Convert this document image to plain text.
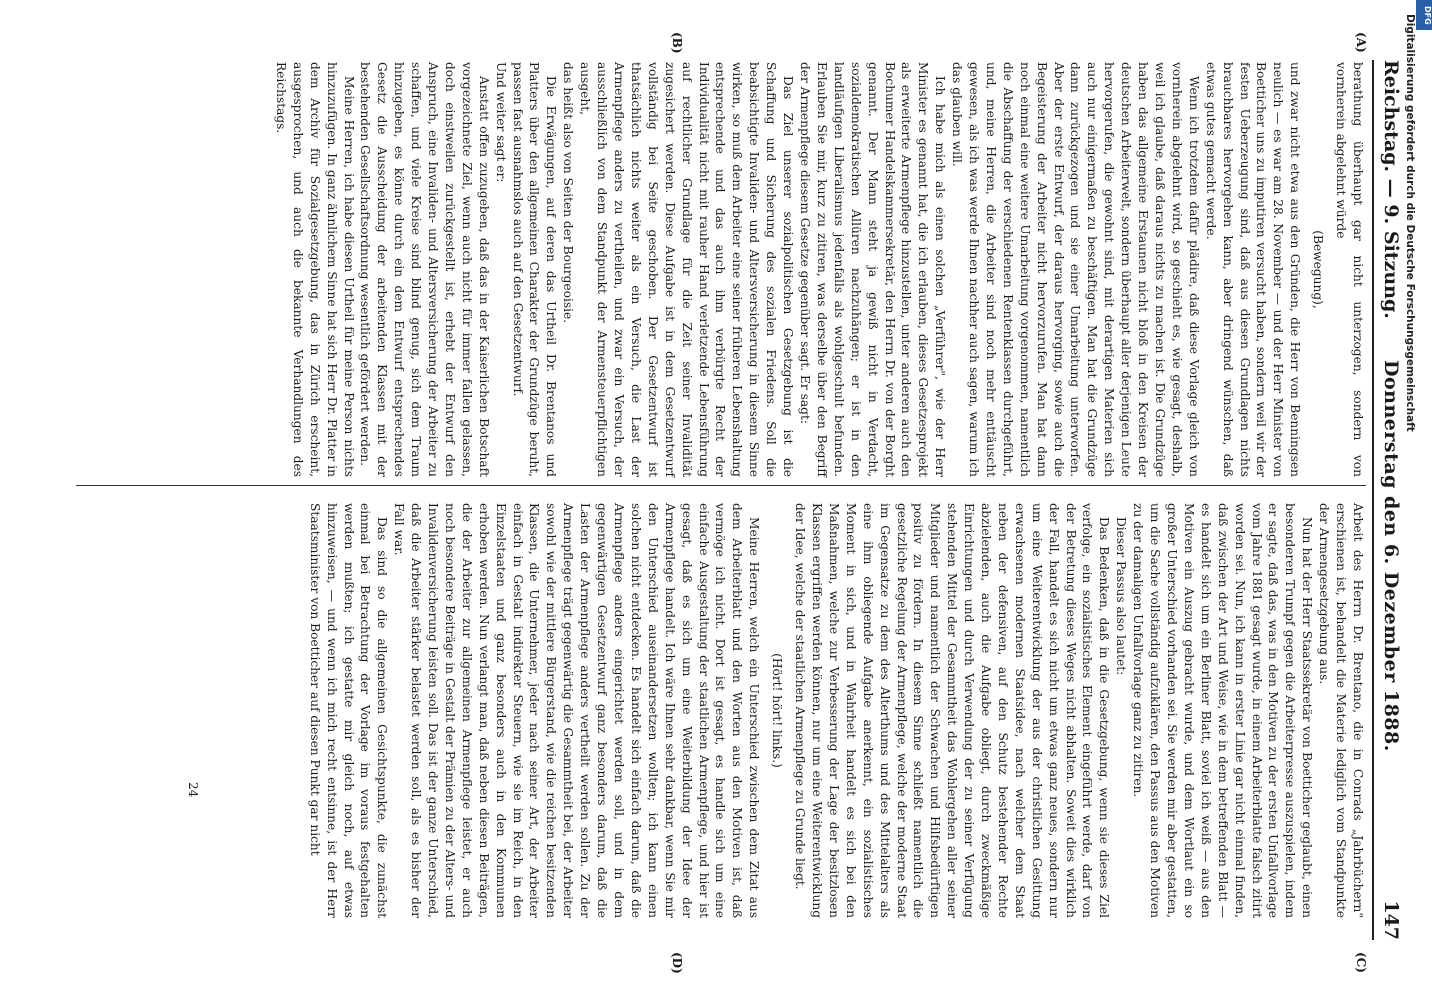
Reichstag. — 9. Sitzung.
Donnerstag den 6. Dezember 1888.
147
(A)
(B)
(C)
(D)

berathung überhaupt gar nicht unterzogen, sondern von vornherein abgelehnt würde

(Bewegung),

und zwar nicht etwa aus den Gründen, die Herr von Benningsen neulich — es war am 28. November — und der Herr Minister von Boetticher uns zu imputiren versucht haben, sondern weil wir der festen Ueberzeugung sind, daß aus diesen Grundlagen nichts brauchbares hervorgehen kann, aber dringend wünschen, daß etwas gutes gemacht werde.

Wenn ich trotzdem dafür plädire, daß diese Vorlage gleich von vornherein abgelehnt wird, so geschieht es, wie gesagt, deshalb, weil ich glaube, daß daraus nichts zu machen ist. Die Grundzüge haben das allgemeine Erstaunen nicht bloß in den Kreisen der deutschen Arbeiterwelt, sondern überhaupt aller derjenigen Leute hervorgerufen, die gewohnt sind, mit derartigen Materien sich auch nur einigermaßen zu beschäftigen. Man hat die Grundzüge dann zurückgezogen und sie einer Umarbeitung unterworfen. Aber der erste Entwurf, der daraus hervorging, sowie auch die Begeisterung der Arbeiter nicht hervorzurufen. Man hat dann noch einmal eine weitere Umarbeitung vorgenommen, namentlich die Abschaffung der verschiedenen Rentenklassen durchgeführt, und, meine Herren, die Arbeiter sind noch mehr enttäuscht gewesen, als ich was werde Ihnen nachher auch sagen, warum ich das glauben will.

Ich habe mich als einen solchen „Verführer", wie der Herr Minister es genannt hat, die ich erlauben, dieses Gesetzesprojekt als erweiterte Armenpflege hinzustellen, unter anderen auch den Bochumer Handelskammersekretär, den Herrn Dr. von der Borght genannt. Der Mann steht ja gewiß nicht in Verdacht, sozialdemokratischen Allüren nachzuhängen; er ist in den landläufigen Liberalismus jedenfalls als wohlgeschult befunden. Erlauben Sie mir, kurz zu zitiren, was derselbe über den Begriff der Armenpflege diesem Gesetze gegenüber sagt. Er sagt:

Das Ziel unserer sozialpolitischen Gesetzgebung ist die Schaffung und Sicherung des sozialen Friedens. Soll die beabsichtigte Invaliden- und Altersversicherung in diesem Sinne wirken, so muß dem Arbeiter eine seiner früheren Lebenshaltung entsprechende und das auch ihm verbürgte Recht der Individualität nicht mit rauher Hand verletzende Lebensführung auf rechtlicher Grundlage für die Zeit seiner Invalidität zugesichert werden. Diese Aufgabe ist in dem Gesetzentwurf vollständig bei Seite geschoben. Der Gesetzentwurf ist thatsächlich nichts weiter als ein Versuch, die Last der Armenpflege anders zu vertheilen, und zwar ein Versuch, der ausschließlich von dem Standpunkt der Armensteuerpflichtigen ausgeht,

das heißt also von Seiten der Bourgeoisie.

Die Erwägungen, auf deren das Urtheil Dr. Brentanos und Platters über den allgemeinen Charakter der Grundzüge beruht, passen fast ausnahmslos auch auf den Gesetzentwurf.

Und weiter sagt er:

Anstatt offen zuzugeben, daß das in der Kaiserlichen Botschaft vorgezeichnete Ziel, wenn auch nicht für immer fallen gelassen, doch einstweilen zurückgestellt ist, erhebt der Entwurf den Anspruch, eine Invaliden- und Altersversicherung der Arbeiter zu schaffen, und viele Kreise sind blind genug, sich dem Traum hinzugeben, es könne durch ein dem Entwurf entsprechendes Gesetz die Ausscheidung der arbeitenden Klassen mit der bestehenden Gesellschaftsordnung wesentlich gefördert werden.

Meine Herren, ich habe diesen Urtheil für meine Person nichts hinzuzufügen. In ganz ähnlichem Sinne hat sich Herr Dr. Platter in dem Archiv für Sozialgesetzgebung, das in Zürich erscheint, ausgesprochen, und auch die bekannte Verhandlungen des Reichstags.

Arbeit des Herrn Dr. Brentano, die in Conrads „Jahrbüchern" erschienen ist, behandelt die Materie lediglich vom Standpunkte der Armengesetzgebung aus.

Nun hat der Herr Staatssekretär von Boetticher geglaubt, einen besonderen Trumpf gegen die Arbeiterpresse auszuspielen, indem er sagte, daß das, was in den Motiven zu der ersten Unfallvorlage vom Jahre 1881 gesagt wurde, in einem Arbeiterblatte falsch zitirt worden sei. Nun, ich kann in erster Linie gar nicht einmal finden, daß zwischen der Art und Weise, wie in dem betreffenden Blatt — es handelt sich um ein Berliner Blatt, soviel ich weiß — aus den Motiven ein Auszug gebracht wurde, und dem Wortlaut ein so großer Unterschied vorhanden sei. Sie werden mir aber gestatten, um die Sache vollständig aufzuklären, den Passus aus den Motiven zu der damaligen Unfallvorlage ganz zu zitiren.

Dieser Passus also lautet:

Das Bedenken, daß in die Gesetzgebung, wenn sie dieses Ziel verfolge, ein sozialistisches Element eingeführt werde, darf von der Betretung dieses Weges nicht abhalten. Soweit dies wirklich der Fall, handelt es sich nicht um etwas ganz neues, sondern nur um eine Weiterentwicklung der aus der christlichen Gesittung erwachsenen modernen Staatsidee, nach welcher dem Staat neben der defensiven, auf den Schutz bestehender Rechte abzielenden, auch die Aufgabe obliegt, durch zweckmäßige Einrichtungen und durch Verwendung der zu seiner Verfügung stehenden Mittel der Gesammtheit das Wohlergehen aller seiner Mitglieder und namentlich der Schwachen und Hilfsbedürftigen positiv zu fördern. In diesem Sinne schließt namentlich die gesetzliche Regelung der Armenpflege, welche der moderne Staat im Gegensatze zu dem des Alterthums und des Mittelalters als eine ihm obliegende Aufgabe anerkennt, ein sozialistisches Moment in sich, und in Wahrheit handelt es sich bei den Maßnahmen, welche zur Verbesserung der Lage der besitzlosen Klassen ergriffen werden können, nur um eine Weiterentwicklung der Idee, welche der staatlichen Armenpflege zu Grunde liegt.

(Hört! hört! links.)

Meine Herren, welch ein Unterschied zwischen dem Zitat aus dem Arbeiterblatt und den Worten aus den Motiven ist, daß vermöge ich nicht. Dort ist gesagt, es handle sich um eine einfache Ausgestaltung der staatlichen Armenpflege, und hier ist gesagt, daß es sich um eine Weiterbildung der Idee der Armenpflege handelt. Ich wäre Ihnen sehr dankbar, wenn Sie mir den Unterschied auseinandersetzen wollten; ich kann einen solchen nicht entdecken. Es handelt sich einfach darum, daß die Armenpflege anders eingerichtet werden soll, und in dem gegenwärtigen Gesetzentwurf ganz besonders darum, daß die Lasten der Armenpflege anders vertheilt werden sollen. Zu der Armenpflege trägt gegenwärtig die Gesammtheit bei, der Arbeiter sowohl wie der mittlere Bürgerstand, wie die reichen besitzenden Klassen, die Unternehmer, jeder nach seiner Art, der Arbeiter einfach in Gestalt indirekter Steuern, wie sie im Reich, in den Einzelstaaten und ganz besonders auch in den Kommunen erhoben werden. Nun verlangt man, daß neben diesen Beiträgen, die der Arbeiter zur allgemeinen Armenpflege leistet, er auch noch besondere Beiträge in Gestalt der Prämien zu der Alters- und Invalidenversicherung leisten soll. Das ist der ganze Unterschied, daß die Arbeiter stärker belastet werden soll, als es bisher der Fall war.

Das sind so die allgemeinen Gesichtspunkte, die zunächst einmal bei Betrachtung der Vorlage im voraus festgehalten werden mußten; ich gestatte mir gleich noch, auf etwas hinzuweisen, — und wenn ich mich recht entsinne, ist der Herr Staatsminister von Boetticher auf diesen Punkt gar nicht

24
Digitalisierung gefördert durch die Deutsche Forschungsgemeinschaft DFG
